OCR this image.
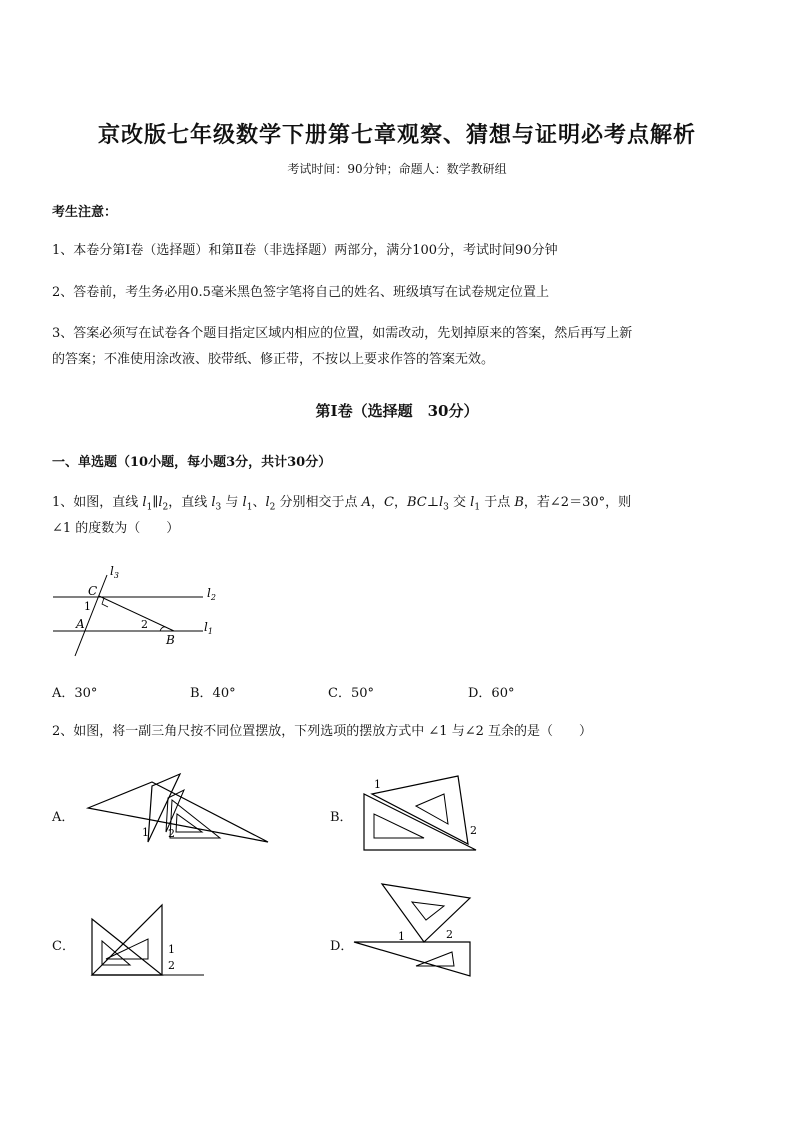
京改版七年级数学下册第七章观察、猜想与证明必考点解析
考试时间：90分钟；命题人：数学教研组
考生注意：
1、本卷分第Ⅰ卷（选择题）和第Ⅱ卷（非选择题）两部分，满分100分，考试时间90分钟
2、答卷前，考生务必用0.5毫米黑色签字笔将自己的姓名、班级填写在试卷规定位置上
3、答案必须写在试卷各个题目指定区域内相应的位置，如需改动，先划掉原来的答案，然后再写上新
的答案；不准使用涂改液、胶带纸、修正带，不按以上要求作答的答案无效。
第Ⅰ卷（选择题　30分）
一、单选题（10小题，每小题3分，共计30分）
1、如图，直线 $l_1\parallel l_2$，直线 $l_3$ 与 $l_1$、$l_2$ 分别相交于点 A，C，$BC\perp l_3$ 交 $l_1$ 于点 B，若∠2＝30°，则
∠1 的度数为（　　）
$l_3$
$l_2$
$l_1$
C
A
B
1
2
A．30°	B．40°	C．50°	D．60°
2、如图，将一副三角尺按不同位置摆放，下列选项的摆放方式中 ∠1 与∠2 互余的是（　　）
A．
1 2
B．
1
2
C．	1
2
D．
1	2
